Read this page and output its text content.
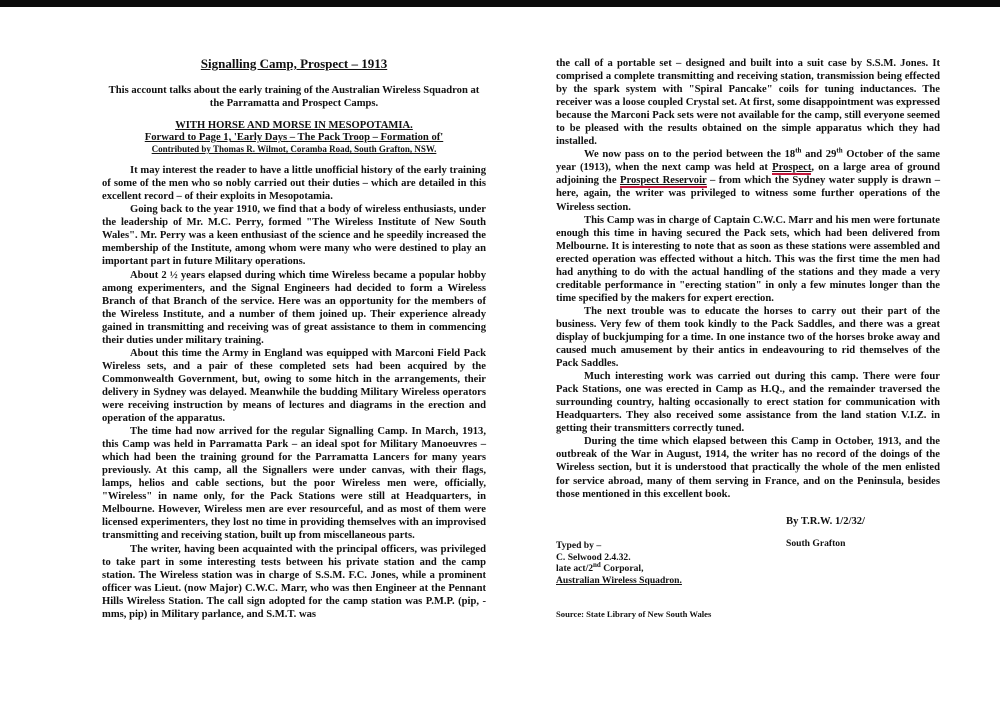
Signalling Camp, Prospect – 1913
This account talks about the early training of the Australian Wireless Squadron at the Parramatta and Prospect Camps.
WITH HORSE AND MORSE IN MESOPOTAMIA.
Forward to Page 1, 'Early Days – The Pack Troop – Formation of'
Contributed by Thomas R. Wilmot, Coramba Road, South Grafton, NSW.

It may interest the reader to have a little unofficial history of the early training of some of the men who so nobly carried out their duties – which are detailed in this excellent record – of their exploits in Mesopotamia.

Going back to the year 1910, we find that a body of wireless enthusiasts, under the leadership of Mr. M.C. Perry, formed "The Wireless Institute of New South Wales". Mr. Perry was a keen enthusiast of the science and he speedily increased the membership of the Institute, among whom were many who were destined to play an important part in future Military operations.

About 2 ½ years elapsed during which time Wireless became a popular hobby among experimenters, and the Signal Engineers had decided to form a Wireless Branch of that Branch of the service. Here was an opportunity for the members of the Wireless Institute, and a number of them joined up. Their experience already gained in transmitting and receiving was of great assistance to them in commencing their duties under military training.

About this time the Army in England was equipped with Marconi Field Pack Wireless sets, and a pair of these completed sets had been acquired by the Commonwealth Government, but, owing to some hitch in the arrangements, their delivery in Sydney was delayed. Meanwhile the budding Military Wireless operators were receiving instruction by means of lectures and diagrams in the erection and operation of the apparatus.

The time had now arrived for the regular Signalling Camp. In March, 1913, this Camp was held in Parramatta Park – an ideal spot for Military Manoeuvres – which had been the training ground for the Parramatta Lancers for many years previously. At this camp, all the Signallers were under canvas, with their flags, lamps, helios and cable sections, but the poor Wireless men were, officially, "Wireless" in name only, for the Pack Stations were still at Headquarters, in Melbourne. However, Wireless men are ever resourceful, and as most of them were licensed experimenters, they lost no time in providing themselves with an improvised transmitting and receiving station, built up from miscellaneous parts.

The writer, having been acquainted with the principal officers, was privileged to take part in some interesting tests between his private station and the camp station. The Wireless station was in charge of S.S.M. F.C. Jones, while a prominent officer was Lieut. (now Major) C.W.C. Marr, who was then Engineer at the Pennant Hills Wireless Station. The call sign adopted for the camp station was P.M.P. (pip, -mms, pip) in Military parlance, and S.M.T. was

the call of a portable set – designed and built into a suit case by S.S.M. Jones. It comprised a complete transmitting and receiving station, transmission being effected by the spark system with "Spiral Pancake" coils for tuning inductances. The receiver was a loose coupled Crystal set. At first, some disappointment was expressed because the Marconi Pack sets were not available for the camp, still everyone seemed to be pleased with the results obtained on the simple apparatus which they had installed.

We now pass on to the period between the 18th and 29th October of the same year (1913), when the next camp was held at Prospect, on a large area of ground adjoining the Prospect Reservoir – from which the Sydney water supply is drawn – here, again, the writer was privileged to witness some further operations of the Wireless section.

This Camp was in charge of Captain C.W.C. Marr and his men were fortunate enough this time in having secured the Pack sets, which had been delivered from Melbourne. It is interesting to note that as soon as these stations were assembled and erected operation was effected without a hitch. This was the first time the men had had anything to do with the actual handling of the stations and they made a very creditable performance in "erecting station" in only a few minutes longer than the time specified by the makers for expert erection.

The next trouble was to educate the horses to carry out their part of the business. Very few of them took kindly to the Pack Saddles, and there was a great display of buckjumping for a time. In one instance two of the horses broke away and caused much amusement by their antics in endeavouring to rid themselves of the Pack Saddles.

Much interesting work was carried out during this camp. There were four Pack Stations, one was erected in Camp as H.Q., and the remainder traversed the surrounding country, halting occasionally to erect station for communication with Headquarters. They also received some assistance from the land station V.I.Z. in getting their transmitters correctly tuned.

During the time which elapsed between this Camp in October, 1913, and the outbreak of the War in August, 1914, the writer has no record of the doings of the Wireless section, but it is understood that practically the whole of the men enlisted for service abroad, many of them serving in France, and on the Peninsula, besides those mentioned in this excellent book.

By T.R.W. 1/2/32/
South Grafton
Typed by –
C. Selwood 2.4.32.
late act/2nd Corporal,
Australian Wireless Squadron.
Source: State Library of New South Wales
